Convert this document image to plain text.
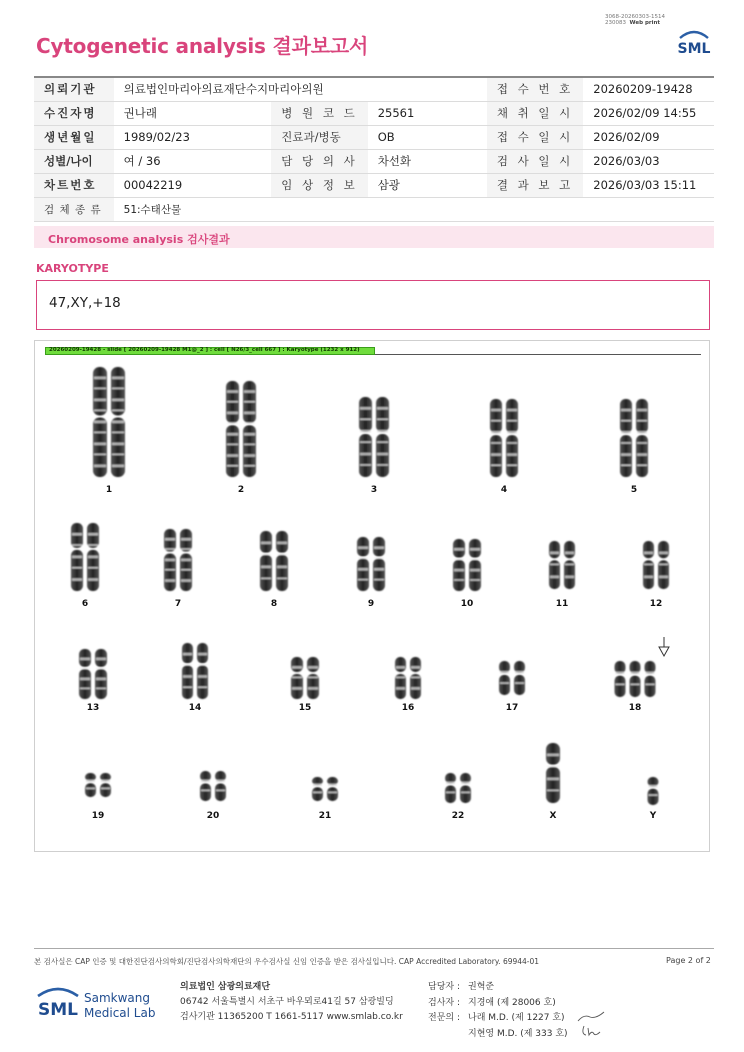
3068-20260303-1514
230083 Web print
Cytogenetic analysis 결과보고서	SML
의뢰기관	의료법인마리아의료재단수지마리아의원			접 수 번 호	20260209-19428
수진자명	권나래	병 원 코 드	25561	채 취 일 시	2026/02/09 14:55
생년월일	1989/02/23	진료과/병동	OB	접 수 일 시	2026/02/09
성별/나이	여 / 36	담 당 의 사	차선화	검 사 일 시	2026/03/03
차트번호	00042219	임 상 정 보	삼광	결 과 보 고	2026/03/03 15:11
검 체 종 류	51:수태산물				
Chromosome analysis 검사결과
KARYOTYPE
47,XY,+18
20260209-19428 - slide [ 20260209-19428 M1@_2 ] : cell [ N26/3_cell 667 ] : Karyotype (1232 x 912)
1	2	3	4	5
6	7	8	9	10	11	12
13	14	15	16	17	18
19	20	21	22	X	Y
본 검사실은 CAP 인증 및 대한진단검사의학회/진단검사의학재단의 우수검사실 신임 인증을 받은 검사실입니다. CAP Accredited Laboratory. 69944-01	Page 2 of 2
SML
Samkwang
Medical Lab
의료법인 삼광의료재단
06742 서울특별시 서초구 바우뫼로41길 57 삼광빌딩
검사기관 11365200 T 1661-5117 www.smlab.co.kr
담당자 : 권혁준
검사자 : 지경애 (제 28006 호)
전문의 : 나래 M.D. (제 1227 호)
지현영 M.D. (제 333 호)
